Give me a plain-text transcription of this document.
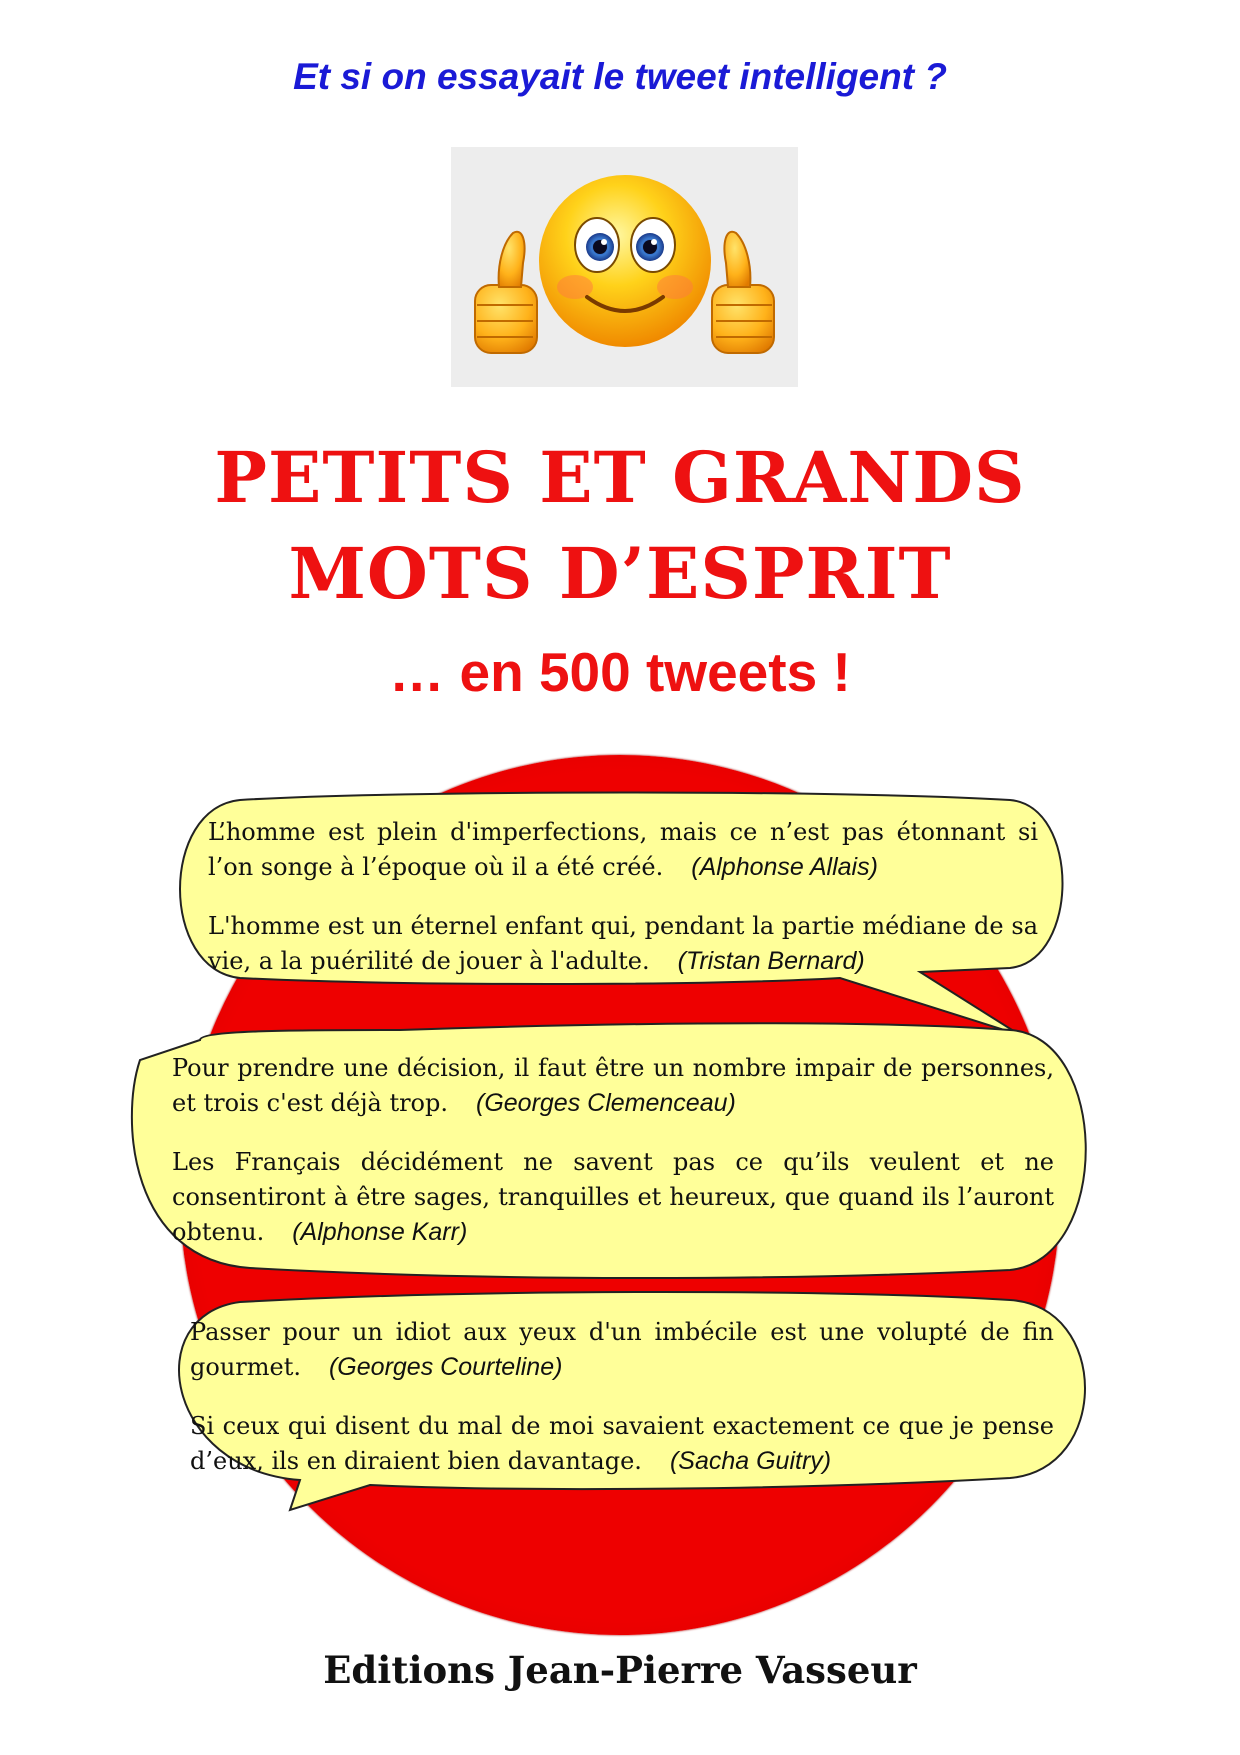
Et si on essayait le tweet intelligent ?
PETITS ET GRANDS
MOTS D’ESPRIT
… en 500 tweets !
L’homme est plein d'imperfections, mais ce n’est pas étonnant si l’on songe à l’époque où il a été créé. (Alphonse Allais)
L'homme est un éternel enfant qui, pendant la partie médiane de sa vie, a la puérilité de jouer à l'adulte. (Tristan Bernard)
Pour prendre une décision, il faut être un nombre impair de personnes, et trois c'est déjà trop. (Georges Clemenceau)
Les Français décidément ne savent pas ce qu’ils veulent et ne consentiront à être sages, tranquilles et heureux, que quand ils l’auront obtenu. (Alphonse Karr)
Passer pour un idiot aux yeux d'un imbécile est une volupté de fin gourmet. (Georges Courteline)
Si ceux qui disent du mal de moi savaient exactement ce que je pense d’eux, ils en diraient bien davantage. (Sacha Guitry)
Editions Jean-Pierre Vasseur
